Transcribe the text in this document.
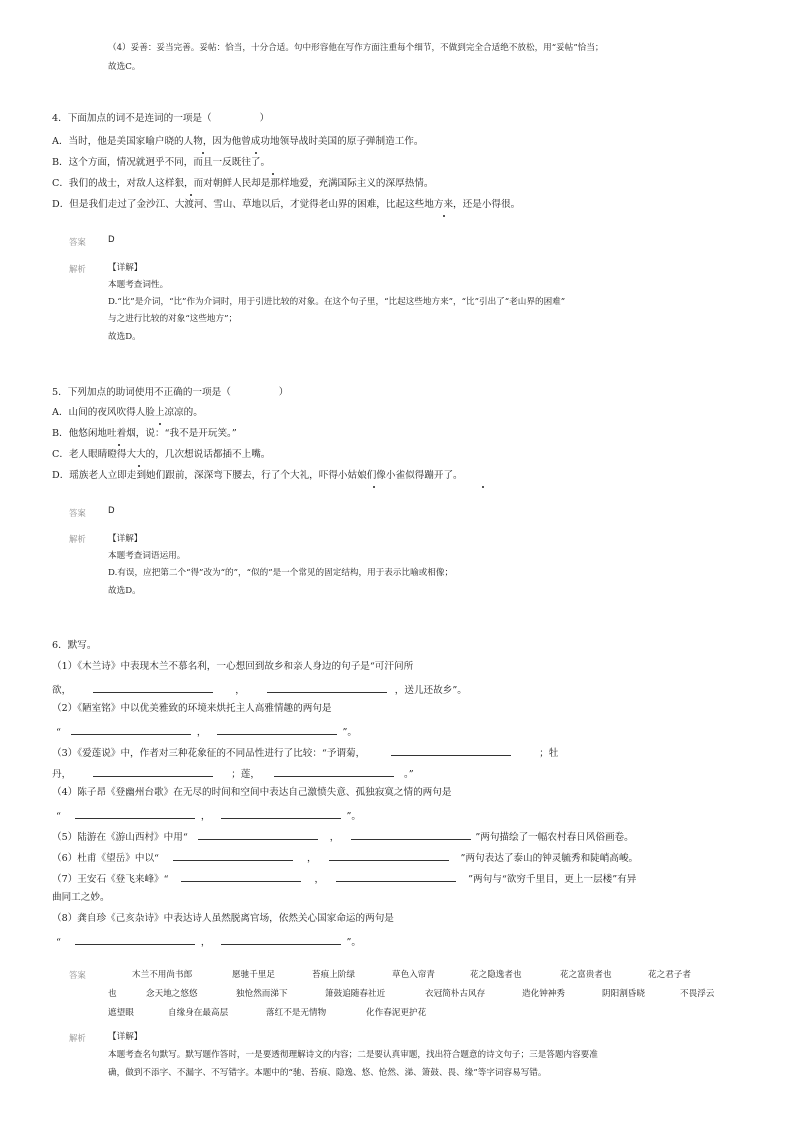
（4）妥善：妥当完善。妥帖：恰当，十分合适。句中形容他在写作方面注重每个细节，不做到完全合适绝不放松，用“妥帖”恰当；
故选C。
4．下面加点的词不是连词的一项是（　　　　　）
A．当时，他是美国家喻户晓的人物，因为他曾成功地领导战时美国的原子弹制造工作。
B．这个方面，情况就迥乎不同，而且一反既往了。
C．我们的战士，对敌人这样狠，而对朝鲜人民却是那样地爱，充满国际主义的深厚热情。
D．但是我们走过了金沙江、大渡河、雪山、草地以后，才觉得老山界的困难，比起这些地方来，还是小得很。
答案	D
解析	【详解】
本题考查词性。
D.“比”是介词，“比”作为介词时，用于引进比较的对象。在这个句子里，“比起这些地方来”，“比”引出了“老山界的困难”
与之进行比较的对象“这些地方”；
故选D。
5．下列加点的助词使用不正确的一项是（　　　　　）
A．山间的夜风吹得人脸上凉凉的。
B．他悠闲地吐着烟，说：“我不是开玩笑。”
C．老人眼睛瞪得大大的，几次想说话都插不上嘴。
D．瑶族老人立即走到她们跟前，深深弯下腰去，行了个大礼，吓得小姑娘们像小雀似得蹦开了。
答案	D
解析	【详解】
本题考查词语运用。
D.有误，应把第二个“得”改为“的”，“似的”是一个常见的固定结构，用于表示比喻或相像；
故选D。
6．默写。
（1）《木兰诗》中表现木兰不慕名利，一心想回到故乡和亲人身边的句子是“可汗问所
欲，	，	，送儿还故乡”。
（2）《陋室铭》中以优美雅致的环境来烘托主人高雅情趣的两句是
“	，	”。
（3）《爱莲说》中，作者对三种花象征的不同品性进行了比较：“予谓菊，	；牡
丹，	；莲，	。”
（4）陈子昂《登幽州台歌》在无尽的时间和空间中表达自己激愤失意、孤独寂寞之情的两句是
“	，	”。
（5）陆游在《游山西村》中用“	，	”两句描绘了一幅农村春日风俗画卷。
（6）杜甫《望岳》中以“	，	”两句表达了泰山的钟灵毓秀和陡峭高峻。
（7）王安石《登飞来峰》“	，	”两句与“欲穷千里目，更上一层楼”有异
曲同工之妙。
（8）龚自珍《己亥杂诗》中表达诗人虽然脱离官场，依然关心国家命运的两句是
“	，	”。
答案	木兰不用尚书郎	愿驰千里足	苔痕上阶绿	草色入帘青	花之隐逸者也	花之富贵者也	花之君子者
也	念天地之悠悠	独怆然而涕下	箫鼓追随春社近	衣冠简朴古风存	造化钟神秀	阴阳割昏晓	不畏浮云
遮望眼	自缘身在最高层	落红不是无情物	化作春泥更护花
解析	【详解】
本题考查名句默写。默写题作答时，一是要透彻理解诗文的内容；二是要认真审题，找出符合题意的诗文句子；三是答题内容要准
确，做到不添字、不漏字、不写错字。本题中的“驰、苔痕、隐逸、悠、怆然、涕、箫鼓、畏、缘”等字词容易写错。
